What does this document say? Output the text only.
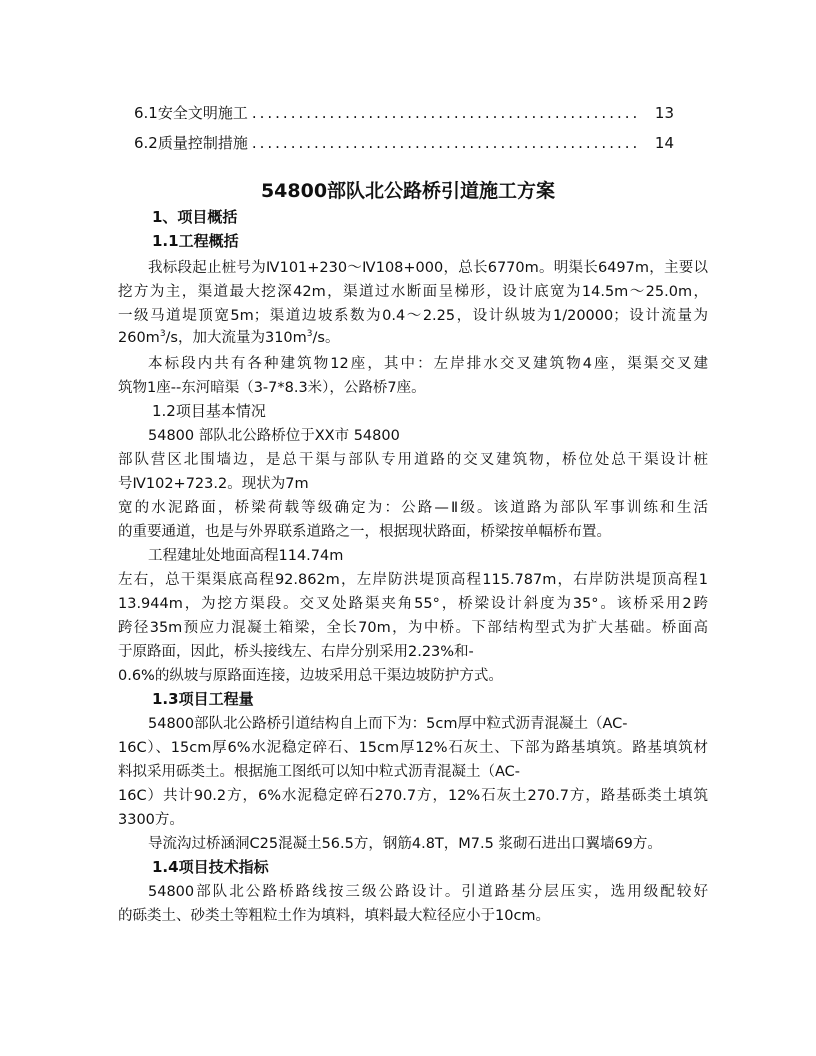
6.1安全文明施工 .................................................. 13
6.2质量控制措施 .................................................. 14
54800部队北公路桥引道施工方案
1、项目概括
1.1工程概括
我标段起止桩号为Ⅳ101+230～Ⅳ108+000，总长6770m。明渠长6497m，主要以
挖方为主，渠道最大挖深42m，渠道过水断面呈梯形，设计底宽为14.5m～25.0m，
一级马道堤顶宽5m；渠道边坡系数为0.4～2.25，设计纵坡为1/20000；设计流量为
$260m^3/s$，加大流量为$310m^3/s$。
本标段内共有各种建筑物12座，其中：左岸排水交叉建筑物4座，渠渠交叉建
筑物1座--东河暗渠（3-7*8.3米），公路桥7座。
1.2项目基本情况
54800 部队北公路桥位于XX市 54800
部队营区北围墙边，是总干渠与部队专用道路的交叉建筑物，桥位处总干渠设计桩
号Ⅳ102+723.2。现状为7m
宽的水泥路面，桥梁荷载等级确定为：公路—Ⅱ级。该道路为部队军事训练和生活
的重要通道，也是与外界联系道路之一，根据现状路面，桥梁按单幅桥布置。
工程建址处地面高程114.74m
左右，总干渠渠底高程92.862m，左岸防洪堤顶高程115.787m，右岸防洪堤顶高程1
13.944m，为挖方渠段。交叉处路渠夹角55°，桥梁设计斜度为35°。该桥采用2跨
跨径35m预应力混凝土箱梁，全长70m，为中桥。下部结构型式为扩大基础。桥面高
于原路面，因此，桥头接线左、右岸分别采用2.23%和-
0.6%的纵坡与原路面连接，边坡采用总干渠边坡防护方式。
1.3项目工程量
54800部队北公路桥引道结构自上而下为：5cm厚中粒式沥青混凝土（AC-
16C）、15cm厚6%水泥稳定碎石、15cm厚12%石灰土、下部为路基填筑。路基填筑材
料拟采用砾类土。根据施工图纸可以知中粒式沥青混凝土（AC-
16C）共计90.2方，6%水泥稳定碎石270.7方，12%石灰土270.7方，路基砾类土填筑
3300方。
导流沟过桥涵洞C25混凝土56.5方，钢筋4.8T，M7.5 浆砌石进出口翼墙69方。
1.4项目技术指标
54800部队北公路桥路线按三级公路设计。引道路基分层压实，选用级配较好
的砾类土、砂类土等粗粒土作为填料，填料最大粒径应小于10cm。
